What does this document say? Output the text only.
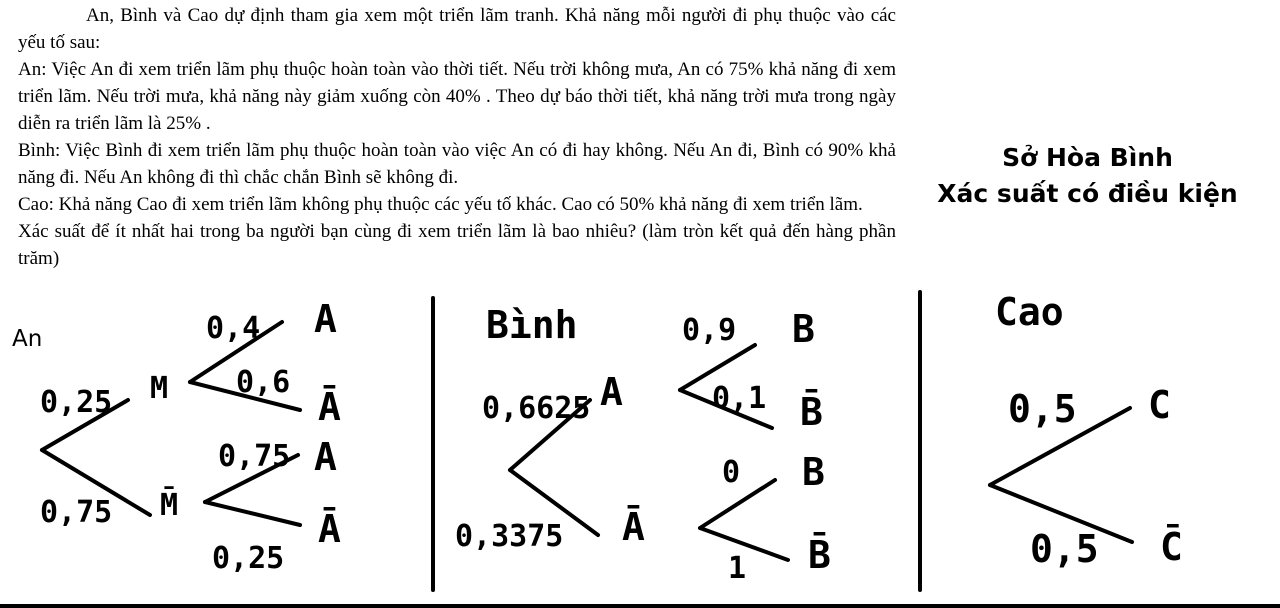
An, Bình và Cao dự định tham gia xem một triển lãm tranh. Khả năng mỗi người đi phụ thuộc vào các yếu tố sau:

An: Việc An đi xem triển lãm phụ thuộc hoàn toàn vào thời tiết. Nếu trời không mưa, An có 75% khả năng đi xem triển lãm. Nếu trời mưa, khả năng này giảm xuống còn 40% . Theo dự báo thời tiết, khả năng trời mưa trong ngày diễn ra triển lãm là 25% .

Bình: Việc Bình đi xem triển lãm phụ thuộc hoàn toàn vào việc An có đi hay không. Nếu An đi, Bình có 90% khả năng đi. Nếu An không đi thì chắc chắn Bình sẽ không đi.

Cao: Khả năng Cao đi xem triển lãm không phụ thuộc các yếu tố khác. Cao có 50% khả năng đi xem triển lãm.

Xác suất để ít nhất hai trong ba người bạn cùng đi xem triển lãm là bao nhiêu? (làm tròn kết quả đến hàng phần trăm)

Sở Hòa Bình
Xác suất có điều kiện
An
0,25
0,75
M
M̄
0,4
0,6
A
Ā
0,75
0,25
A
Ā
Bình
0,6625
0,3375
A
Ā
0,9
0,1
B
B̄
0
1
B
B̄
Cao
0,5
0,5
C
C̄
